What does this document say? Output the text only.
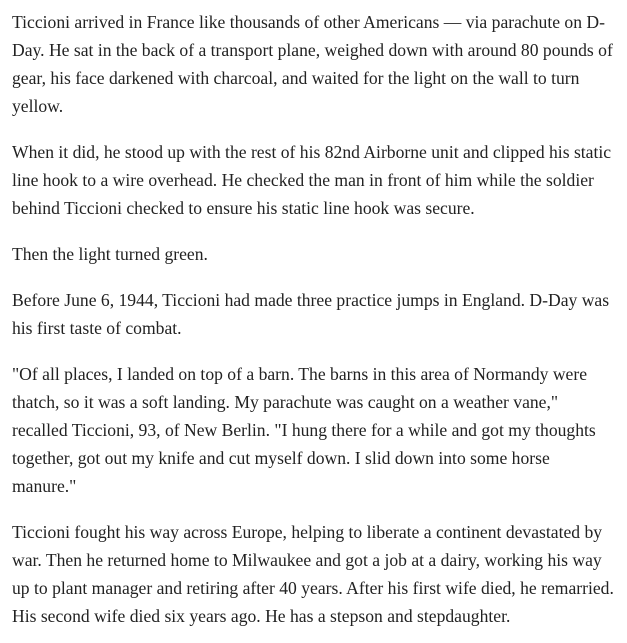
Ticcioni arrived in France like thousands of other Americans — via parachute on D-Day. He sat in the back of a transport plane, weighed down with around 80 pounds of gear, his face darkened with charcoal, and waited for the light on the wall to turn yellow.

When it did, he stood up with the rest of his 82nd Airborne unit and clipped his static line hook to a wire overhead. He checked the man in front of him while the soldier behind Ticcioni checked to ensure his static line hook was secure.

Then the light turned green.

Before June 6, 1944, Ticcioni had made three practice jumps in England. D-Day was his first taste of combat.

"Of all places, I landed on top of a barn. The barns in this area of Normandy were thatch, so it was a soft landing. My parachute was caught on a weather vane," recalled Ticcioni, 93, of New Berlin. "I hung there for a while and got my thoughts together, got out my knife and cut myself down. I slid down into some horse manure."

Ticcioni fought his way across Europe, helping to liberate a continent devastated by war. Then he returned home to Milwaukee and got a job at a dairy, working his way up to plant manager and retiring after 40 years. After his first wife died, he remarried. His second wife died six years ago. He has a stepson and stepdaughter.
